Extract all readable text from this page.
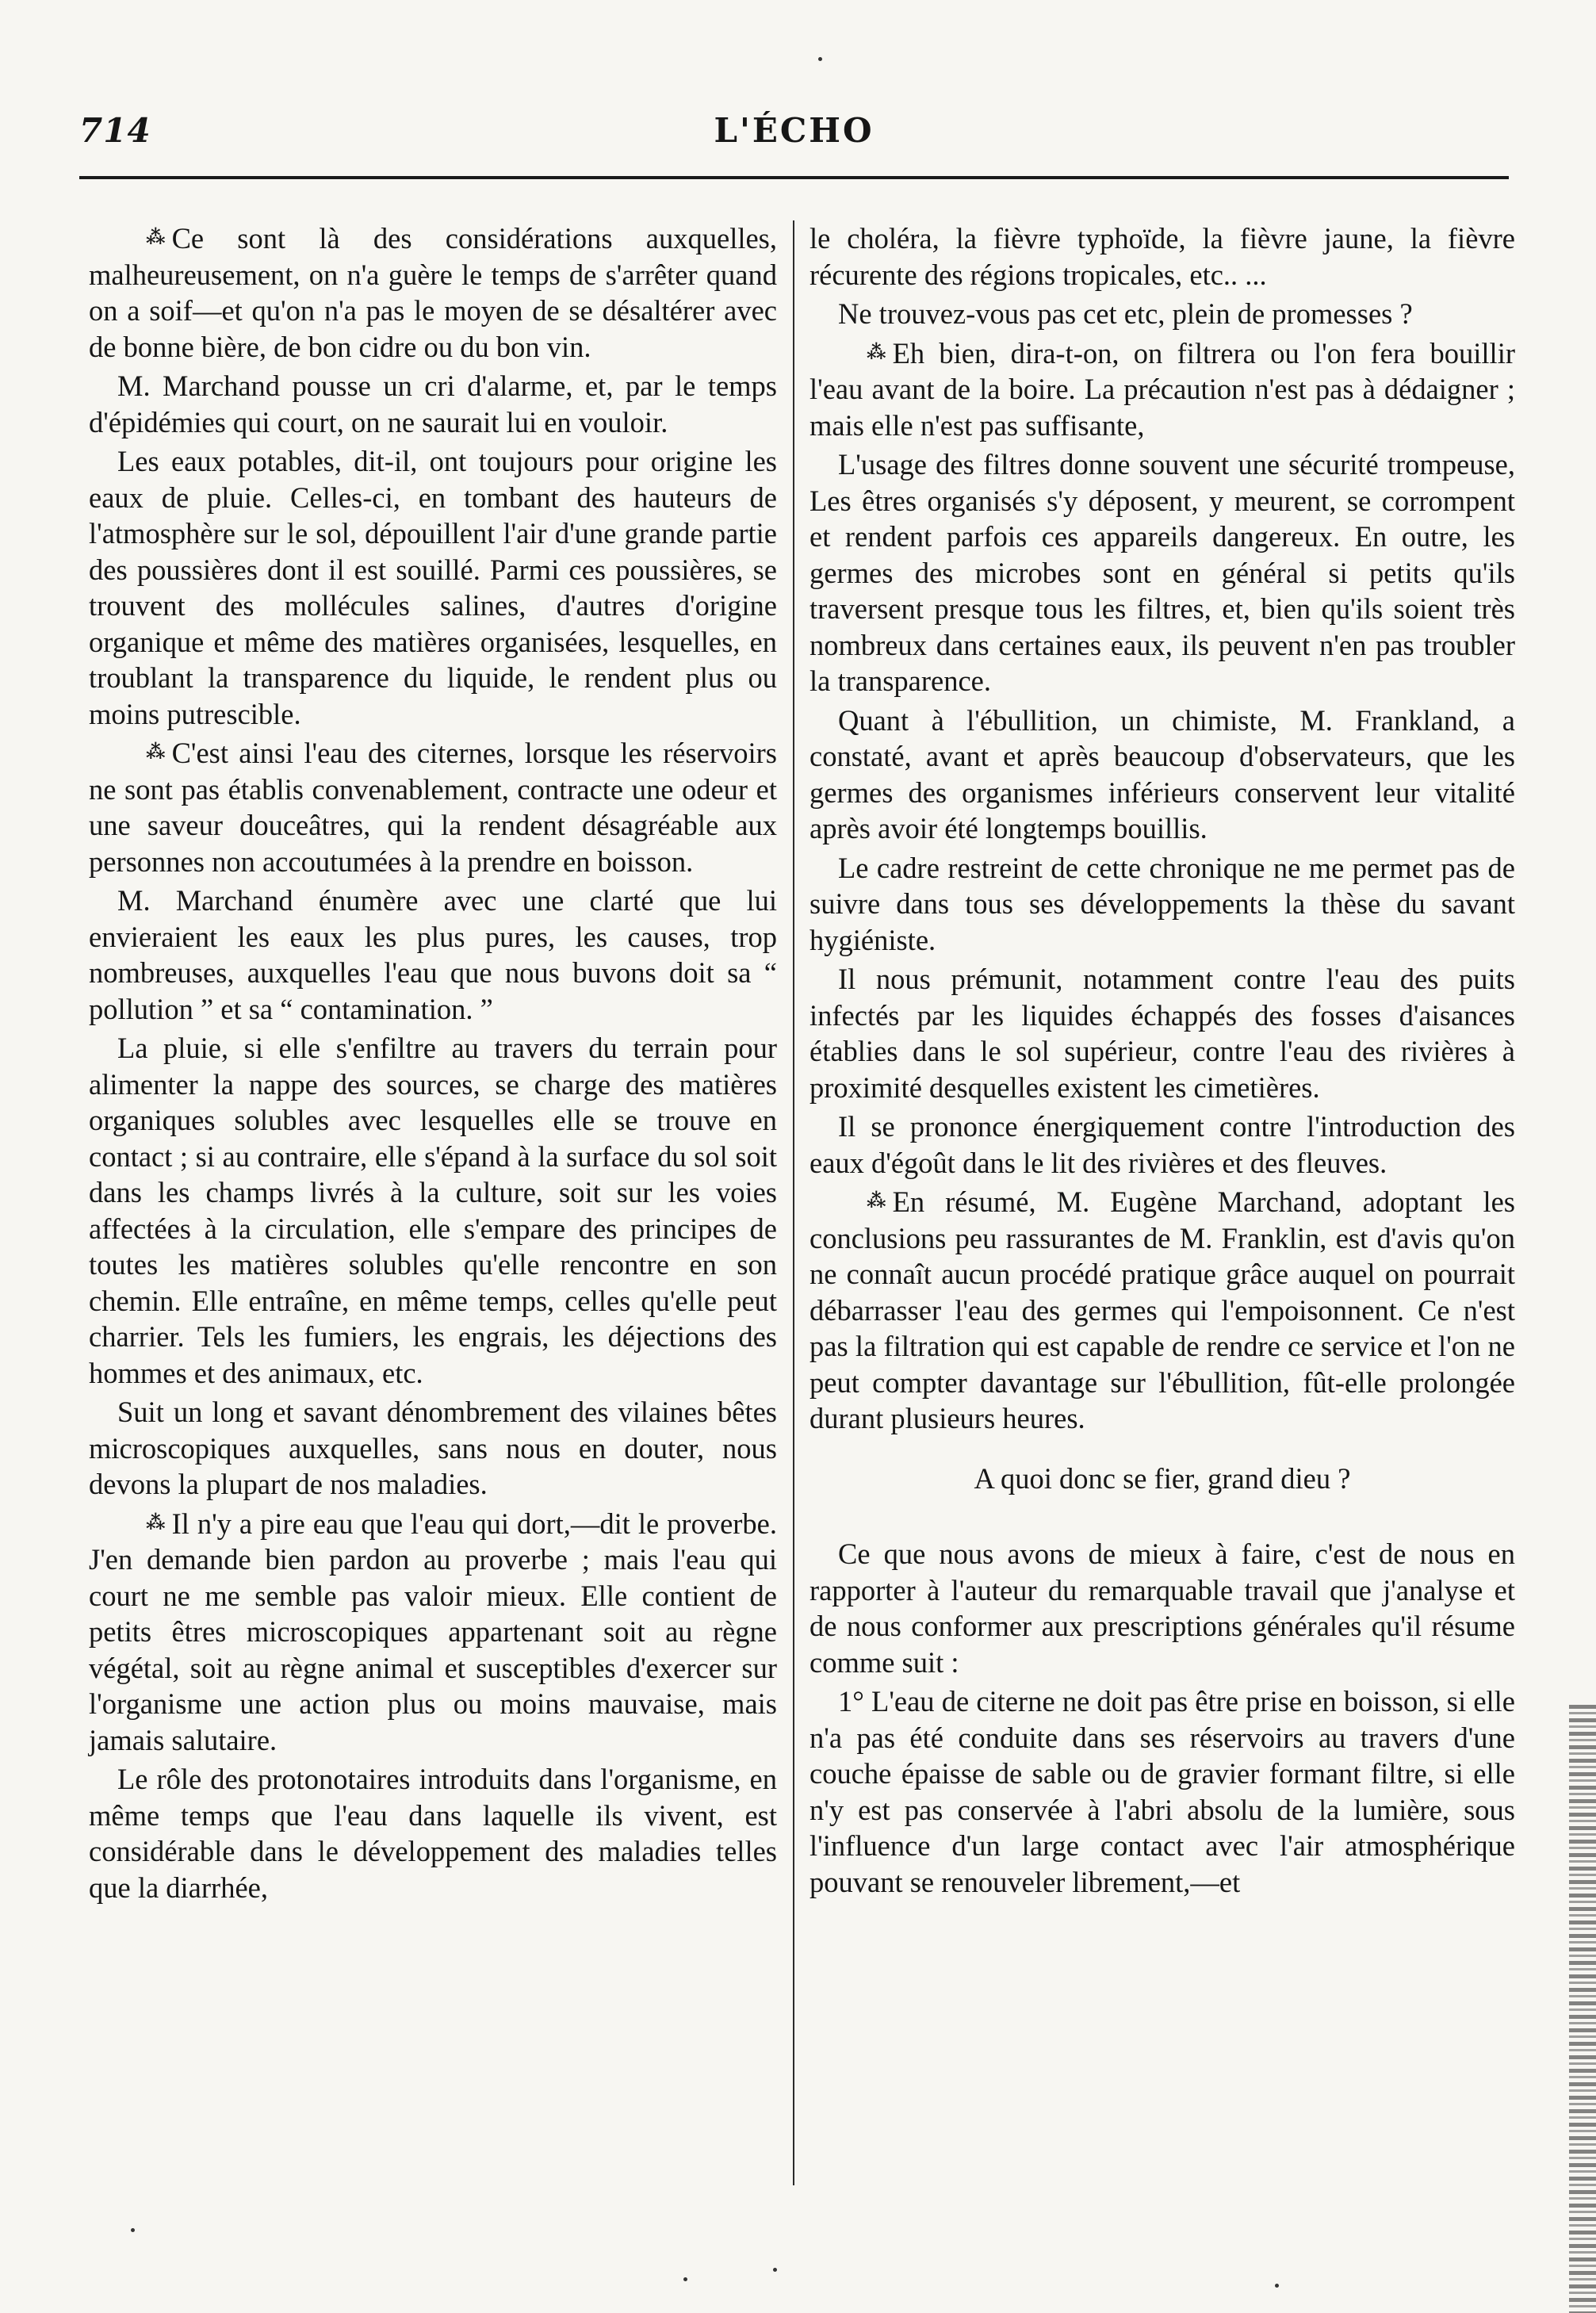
714	L'ÉCHO

⁂ Ce sont là des considérations auxquelles, malheureusement, on n'a guère le temps de s'arrêter quand on a soif—et qu'on n'a pas le moyen de se désaltérer avec de bonne bière, de bon cidre ou du bon vin.

M. Marchand pousse un cri d'alarme, et, par le temps d'épidémies qui court, on ne saurait lui en vouloir.

Les eaux potables, dit-il, ont toujours pour origine les eaux de pluie. Celles-ci, en tombant des hauteurs de l'atmosphère sur le sol, dépouillent l'air d'une grande partie des poussières dont il est souillé. Parmi ces poussières, se trouvent des mollécules salines, d'autres d'origine organique et même des matières organisées, lesquelles, en troublant la transparence du liquide, le rendent plus ou moins putrescible.

⁂ C'est ainsi l'eau des citernes, lorsque les réservoirs ne sont pas établis convenablement, contracte une odeur et une saveur douceâtres, qui la rendent désagréable aux personnes non accoutumées à la prendre en boisson.

M. Marchand énumère avec une clarté que lui envieraient les eaux les plus pures, les causes, trop nombreuses, auxquelles l'eau que nous buvons doit sa “ pollution ” et sa “ contamination. ”

La pluie, si elle s'enfiltre au travers du terrain pour alimenter la nappe des sources, se charge des matières organiques solubles avec lesquelles elle se trouve en contact ; si au contraire, elle s'épand à la surface du sol soit dans les champs livrés à la culture, soit sur les voies affectées à la circulation, elle s'empare des principes de toutes les matières solubles qu'elle rencontre en son chemin. Elle entraîne, en même temps, celles qu'elle peut charrier. Tels les fumiers, les engrais, les déjections des hommes et des animaux, etc.

Suit un long et savant dénombrement des vilaines bêtes microscopiques auxquelles, sans nous en douter, nous devons la plupart de nos maladies.

⁂ Il n'y a pire eau que l'eau qui dort,—dit le proverbe. J'en demande bien pardon au proverbe ; mais l'eau qui court ne me semble pas valoir mieux. Elle contient de petits êtres microscopiques appartenant soit au règne végétal, soit au règne animal et susceptibles d'exercer sur l'organisme une action plus ou moins mauvaise, mais jamais salutaire.

Le rôle des protonotaires introduits dans l'organisme, en même temps que l'eau dans laquelle ils vivent, est considérable dans le développement des maladies telles que la diarrhée,

le choléra, la fièvre typhoïde, la fièvre jaune, la fièvre récurente des régions tropicales, etc.. ...

Ne trouvez-vous pas cet etc, plein de promesses ?

⁂ Eh bien, dira-t-on, on filtrera ou l'on fera bouillir l'eau avant de la boire. La précaution n'est pas à dédaigner ; mais elle n'est pas suffisante,

L'usage des filtres donne souvent une sécurité trompeuse, Les êtres organisés s'y déposent, y meurent, se corrompent et rendent parfois ces appareils dangereux. En outre, les germes des microbes sont en général si petits qu'ils traversent presque tous les filtres, et, bien qu'ils soient très nombreux dans certaines eaux, ils peuvent n'en pas troubler la transparence.

Quant à l'ébullition, un chimiste, M. Frankland, a constaté, avant et après beaucoup d'observateurs, que les germes des organismes inférieurs conservent leur vitalité après avoir été longtemps bouillis.

Le cadre restreint de cette chronique ne me permet pas de suivre dans tous ses développements la thèse du savant hygiéniste.

Il nous prémunit, notamment contre l'eau des puits infectés par les liquides échappés des fosses d'aisances établies dans le sol supérieur, contre l'eau des rivières à proximité desquelles existent les cimetières.

Il se prononce énergiquement contre l'introduction des eaux d'égoût dans le lit des rivières et des fleuves.

⁂ En résumé, M. Eugène Marchand, adoptant les conclusions peu rassurantes de M. Franklin, est d'avis qu'on ne connaît aucun procédé pratique grâce auquel on pourrait débarrasser l'eau des germes qui l'empoisonnent. Ce n'est pas la filtration qui est capable de rendre ce service et l'on ne peut compter davantage sur l'ébullition, fût-elle prolongée durant plusieurs heures.

A quoi donc se fier, grand dieu ?

Ce que nous avons de mieux à faire, c'est de nous en rapporter à l'auteur du remarquable travail que j'analyse et de nous conformer aux prescriptions générales qu'il résume comme suit :

1° L'eau de citerne ne doit pas être prise en boisson, si elle n'a pas été conduite dans ses réservoirs au travers d'une couche épaisse de sable ou de gravier formant filtre, si elle n'y est pas conservée à l'abri absolu de la lumière, sous l'influence d'un large contact avec l'air atmosphérique pouvant se renouveler librement,—et
